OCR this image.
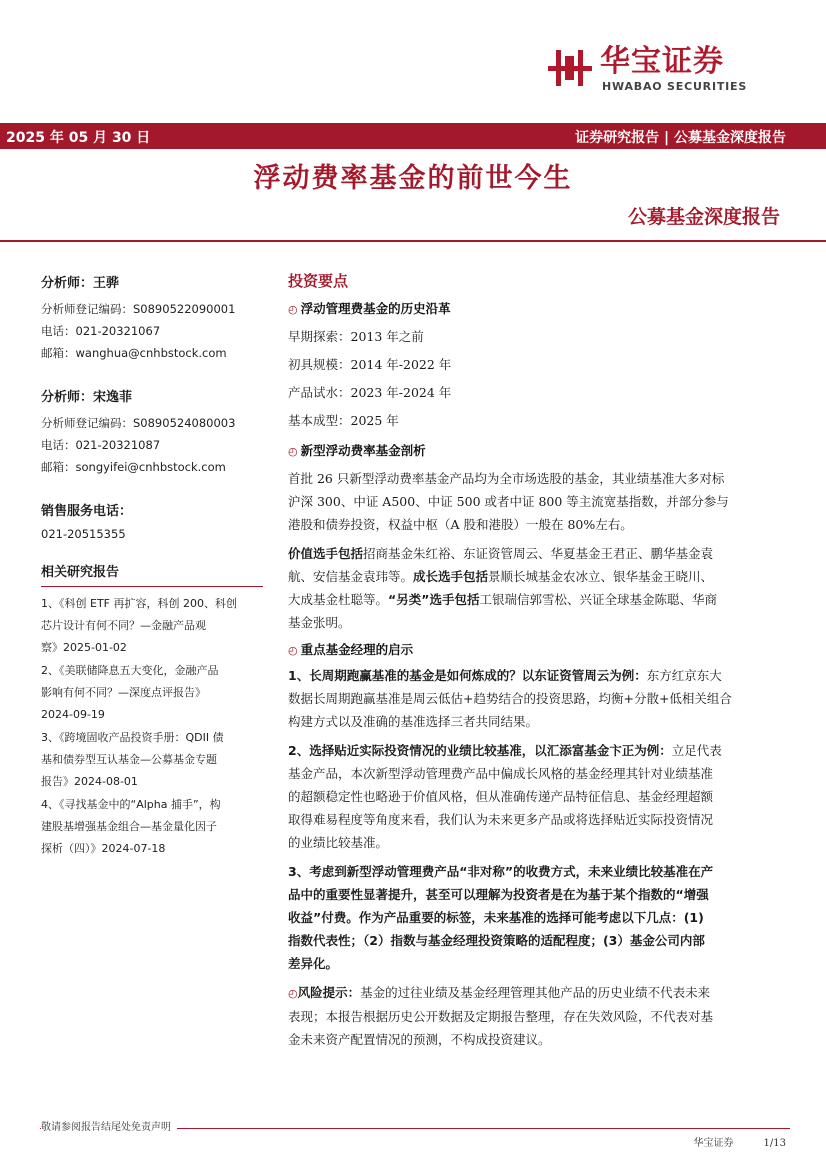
华宝证券
HWABAO SECURITIES
2025 年 05 月 30 日	证券研究报告 | 公募基金深度报告
浮动费率基金的前世今生
公募基金深度报告
分析师：王骅
分析师登记编码：S0890522090001
电话：021-20321067
邮箱：wanghua@cnhbstock.com
分析师：宋逸菲
分析师登记编码：S0890524080003
电话：021-20321087
邮箱：songyifei@cnhbstock.com
销售服务电话：
021-20515355
相关研究报告
1、《科创 ETF 再扩容，科创 200、科创
芯片设计有何不同？—金融产品观
察》2025-01-02
2、《美联储降息五大变化，金融产品
影响有何不同？—深度点评报告》
2024-09-19
3、《跨境固收产品投资手册：QDII 债
基和债券型互认基金—公募基金专题
报告》2024-08-01
4、《寻找基金中的“Alpha 捕手”，构
建股基增强基金组合—基金量化因子
探析（四）》2024-07-18
投资要点
◴ 浮动管理费基金的历史沿革
早期探索：2013 年之前
初具规模：2014 年-2022 年
产品试水：2023 年-2024 年
基本成型：2025 年
◴ 新型浮动费率基金剖析
首批 26 只新型浮动费率基金产品均为全市场选股的基金，其业绩基准大多对标
沪深 300、中证 A500、中证 500 或者中证 800 等主流宽基指数，并部分参与
港股和债券投资，权益中枢（A 股和港股）一般在 80%左右。
价值选手包括招商基金朱红裕、东证资管周云、华夏基金王君正、鹏华基金袁
航、安信基金袁玮等。成长选手包括景顺长城基金农冰立、银华基金王晓川、
大成基金杜聪等。“另类”选手包括工银瑞信郭雪松、兴证全球基金陈聪、华商
基金张明。
◴ 重点基金经理的启示
1、长周期跑赢基准的基金是如何炼成的？以东证资管周云为例：东方红京东大
数据长周期跑赢基准是周云低估+趋势结合的投资思路，均衡+分散+低相关组合
构建方式以及准确的基准选择三者共同结果。
2、选择贴近实际投资情况的业绩比较基准，以汇添富基金卞正为例：立足代表
基金产品，本次新型浮动管理费产品中偏成长风格的基金经理其针对业绩基准
的超额稳定性也略逊于价值风格，但从准确传递产品特征信息、基金经理超额
取得难易程度等角度来看，我们认为未来更多产品或将选择贴近实际投资情况
的业绩比较基准。
3、考虑到新型浮动管理费产品“非对称”的收费方式，未来业绩比较基准在产
品中的重要性显著提升，甚至可以理解为投资者是在为基于某个指数的“增强
收益”付费。作为产品重要的标签，未来基准的选择可能考虑以下几点：(1)
指数代表性；（2）指数与基金经理投资策略的适配程度；(3）基金公司内部
差异化。
◴风险提示：基金的过往业绩及基金经理管理其他产品的历史业绩不代表未来
表现；本报告根据历史公开数据及定期报告整理，存在失效风险，不代表对基
金未来资产配置情况的预测，不构成投资建议。
敬请参阅报告结尾处免责声明
华宝证券	1/13
